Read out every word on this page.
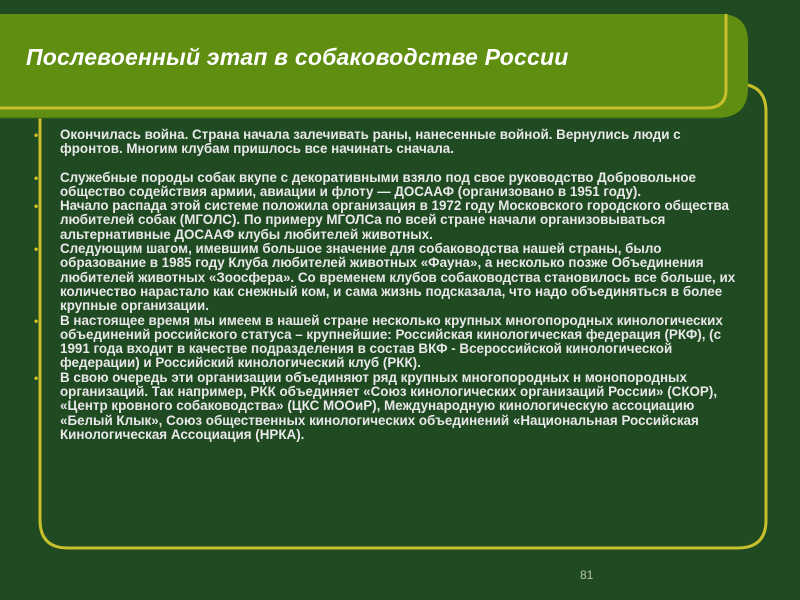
Послевоенный этап в собаководстве России
• Окончилась война. Страна начала залечивать раны, нанесенные войной. Вернулись люди с фронтов. Многим клубам пришлось все начинать сначала.
• Служебные породы собак вкупе с декоративными взяло под свое руководство Добровольное общество содействия армии, авиации и флоту — ДОСААФ (организовано в 1951 году).
• Начало распада этой системе положила организация в 1972 году Московского городского общества любителей собак (МГОЛС). По примеру МГОЛСа по всей стране начали организовываться альтернативные ДОСААФ клубы любителей животных.
• Следующим шагом, имевшим большое значение для собаководства нашей страны, было образование в 1985 году Клуба любителей животных «Фауна», а несколько позже Объединения любителей животных «Зоосфера». Со временем клубов собаководства становилось все больше, их количество нарастало как снежный ком, и сама жизнь подсказала, что надо объединяться в более крупные организации.
• В настоящее время мы имеем в нашей стране несколько крупных многопородных кинологических объединений российского статуса – крупнейшие: Российская кинологическая федерация (РКФ), (с 1991 года входит в качестве подразделения в состав ВКФ - Всероссийской кинологической федерации) и Российский кинологический клуб (РКК).
• В свою очередь эти организации объединяют ряд крупных многопородных н монопородных организаций. Так например, РКК объединяет «Союз кинологических организаций России» (СКОР), «Центр кровного собаководства» (ЦКС МООиР), Международную кинологическую ассоциацию «Белый Клык», Союз общественных кинологических объединений «Национальная Российская Кинологическая Ассоциация (НРКА).
81
